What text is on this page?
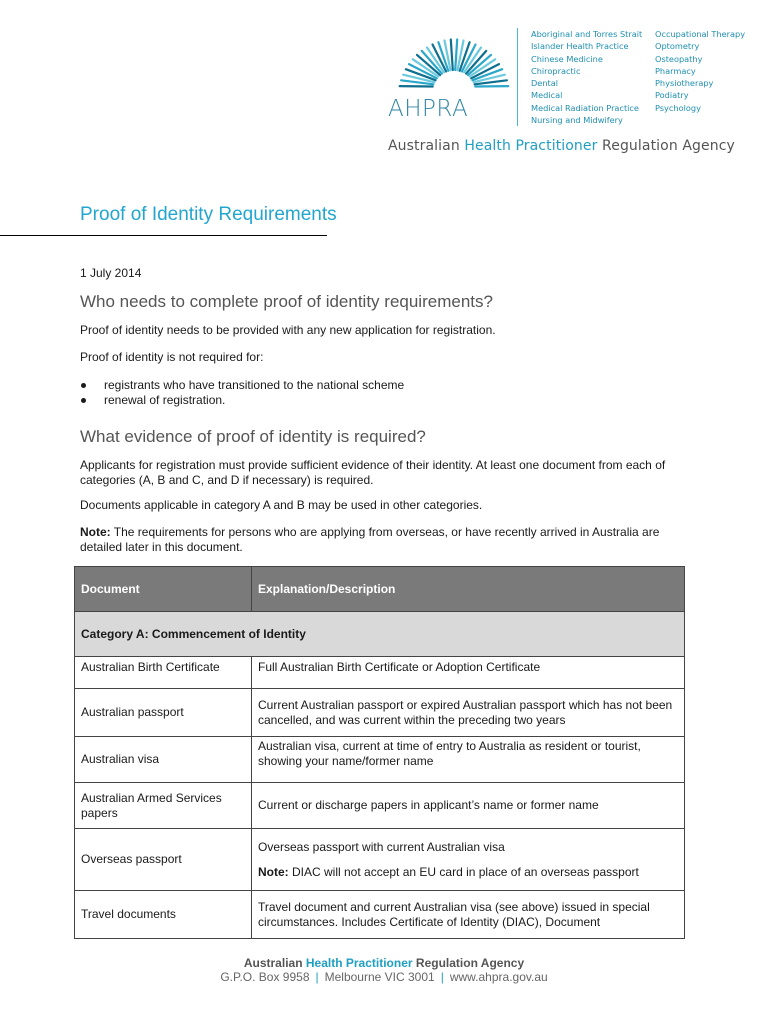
AHPRA
Aboriginal and Torres Strait
Islander Health Practice
Chinese Medicine
Chiropractic
Dental
Medical
Medical Radiation Practice
Nursing and Midwifery
Occupational Therapy
Optometry
Osteopathy
Pharmacy
Physiotherapy
Podiatry
Psychology
Australian Health Practitioner Regulation Agency
Proof of Identity Requirements
1 July 2014
Who needs to complete proof of identity requirements?
Proof of identity needs to be provided with any new application for registration.
Proof of identity is not required for:
registrants who have transitioned to the national scheme
renewal of registration.
What evidence of proof of identity is required?
Applicants for registration must provide sufficient evidence of their identity. At least one document from each of categories (A, B and C, and D if necessary) is required.
Documents applicable in category A and B may be used in other categories.
Note: The requirements for persons who are applying from overseas, or have recently arrived in Australia are detailed later in this document.
Document	Explanation/Description
Category A: Commencement of Identity	
Australian Birth Certificate	Full Australian Birth Certificate or Adoption Certificate
Australian passport	Current Australian passport or expired Australian passport which has not been cancelled, and was current within the preceding two years
Australian visa	Australian visa, current at time of entry to Australia as resident or tourist, showing your name/former name
Australian Armed Services papers	Current or discharge papers in applicant’s name or former name
Overseas passport	Overseas passport with current Australian visa
Note: DIAC will not accept an EU card in place of an overseas passport

Travel documents	Travel document and current Australian visa (see above) issued in special circumstances. Includes Certificate of Identity (DIAC), Document
Australian Health Practitioner Regulation Agency
G.P.O. Box 9958 | Melbourne VIC 3001 | www.ahpra.gov.au
